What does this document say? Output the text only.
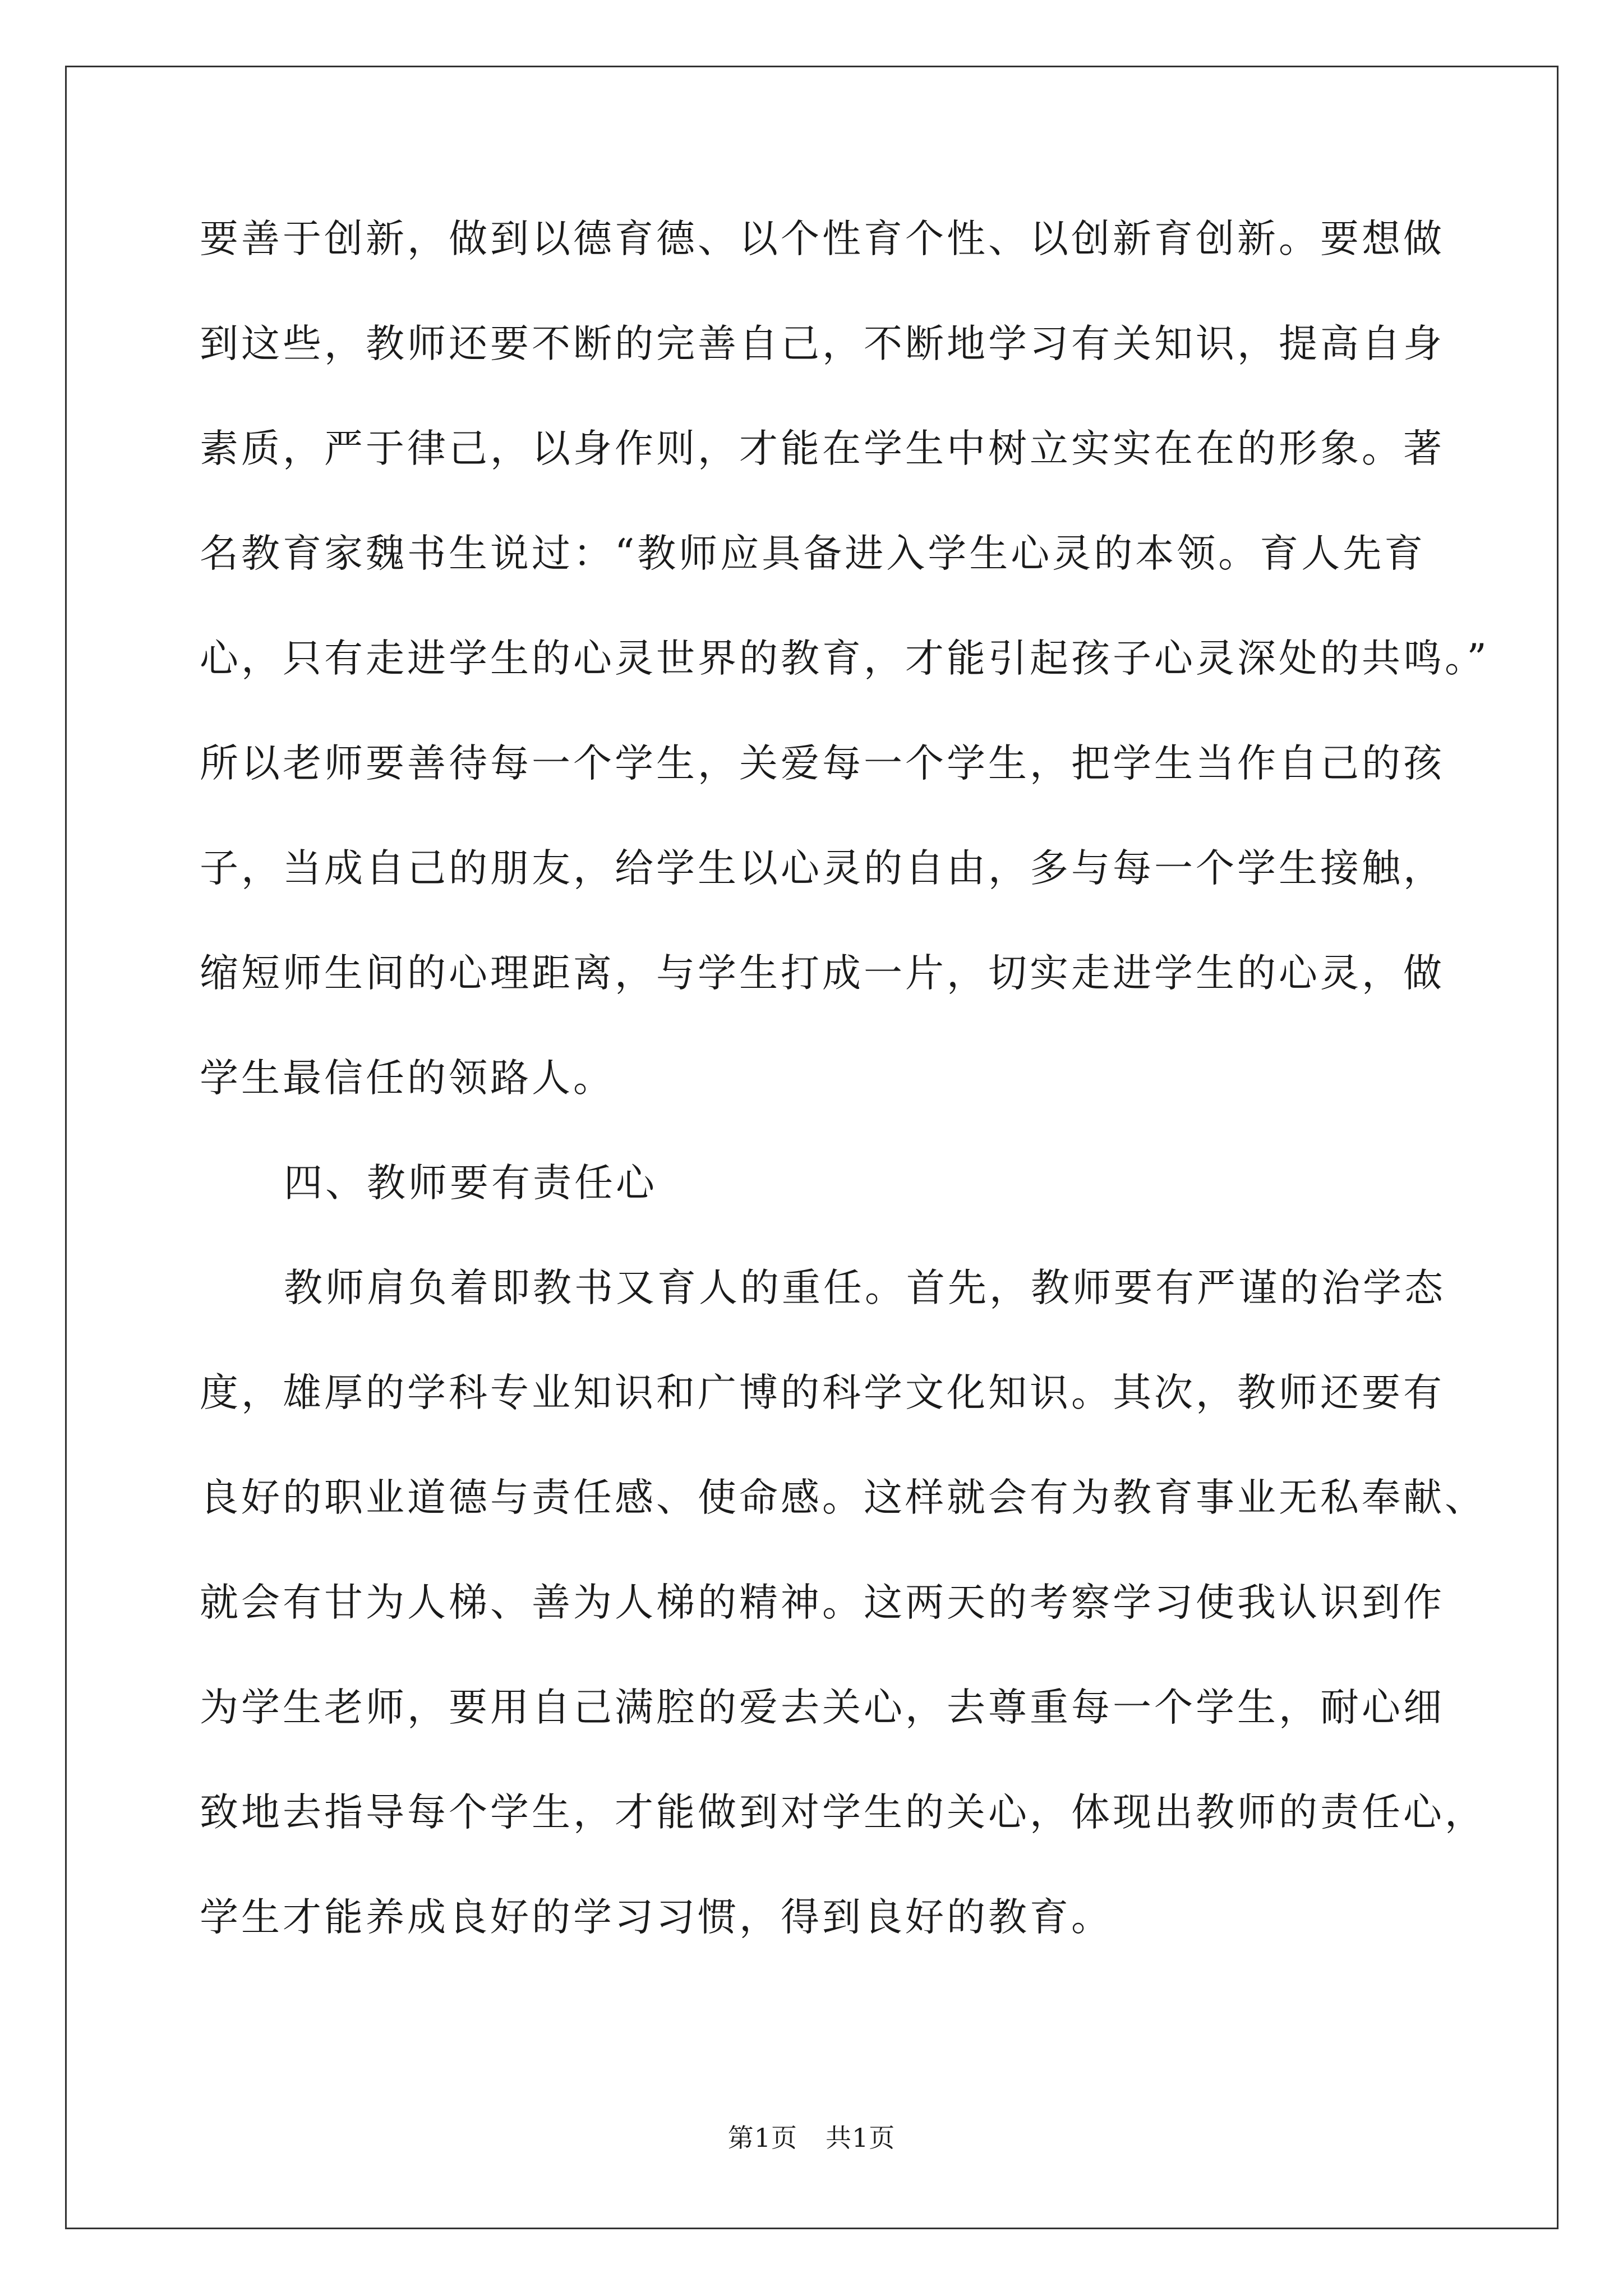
要善于创新，做到以德育德、以个性育个性、以创新育创新。要想做
到这些，教师还要不断的完善自己，不断地学习有关知识，提高自身
素质，严于律己，以身作则，才能在学生中树立实实在在的形象。著
名教育家魏书生说过：“教师应具备进入学生心灵的本领。育人先育
心，只有走进学生的心灵世界的教育，才能引起孩子心灵深处的共鸣。”
所以老师要善待每一个学生，关爱每一个学生，把学生当作自己的孩
子，当成自己的朋友，给学生以心灵的自由，多与每一个学生接触，
缩短师生间的心理距离，与学生打成一片，切实走进学生的心灵，做
学生最信任的领路人。
四、教师要有责任心
教师肩负着即教书又育人的重任。首先，教师要有严谨的治学态
度，雄厚的学科专业知识和广博的科学文化知识。其次，教师还要有
良好的职业道德与责任感、使命感。这样就会有为教育事业无私奉献、
就会有甘为人梯、善为人梯的精神。这两天的考察学习使我认识到作
为学生老师，要用自己满腔的爱去关心，去尊重每一个学生，耐心细
致地去指导每个学生，才能做到对学生的关心，体现出教师的责任心，
学生才能养成良好的学习习惯，得到良好的教育。
第1页 共1页
